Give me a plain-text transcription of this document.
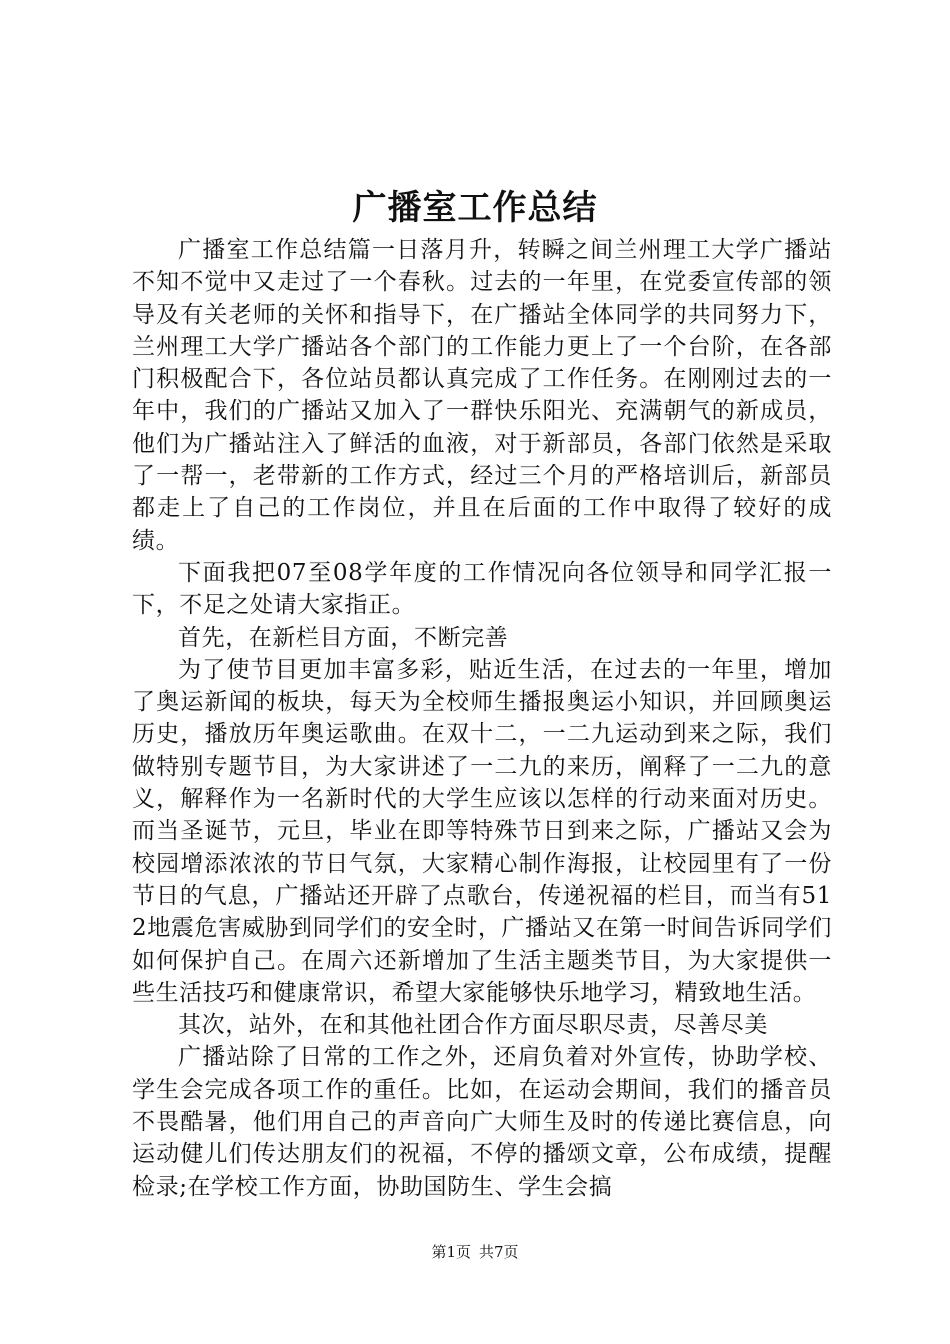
广播室工作总结

广播室工作总结篇一日落月升，转瞬之间兰州理工大学广播站不知不觉中又走过了一个春秋。过去的一年里，在党委宣传部的领导及有关老师的关怀和指导下，在广播站全体同学的共同努力下，兰州理工大学广播站各个部门的工作能力更上了一个台阶，在各部门积极配合下，各位站员都认真完成了工作任务。在刚刚过去的一年中，我们的广播站又加入了一群快乐阳光、充满朝气的新成员，他们为广播站注入了鲜活的血液，对于新部员，各部门依然是采取了一帮一，老带新的工作方式，经过三个月的严格培训后，新部员都走上了自己的工作岗位，并且在后面的工作中取得了较好的成绩。

下面我把07至08学年度的工作情况向各位领导和同学汇报一下，不足之处请大家指正。

首先，在新栏目方面，不断完善

为了使节目更加丰富多彩，贴近生活，在过去的一年里，增加了奥运新闻的板块，每天为全校师生播报奥运小知识，并回顾奥运历史，播放历年奥运歌曲。在双十二，一二九运动到来之际，我们做特别专题节目，为大家讲述了一二九的来历，阐释了一二九的意义，解释作为一名新时代的大学生应该以怎样的行动来面对历史。而当圣诞节，元旦，毕业在即等特殊节日到来之际，广播站又会为校园增添浓浓的节日气氛，大家精心制作海报，让校园里有了一份节日的气息，广播站还开辟了点歌台，传递祝福的栏目，而当有512地震危害威胁到同学们的安全时，广播站又在第一时间告诉同学们如何保护自己。在周六还新增加了生活主题类节目，为大家提供一些生活技巧和健康常识，希望大家能够快乐地学习，精致地生活。

其次，站外，在和其他社团合作方面尽职尽责，尽善尽美

广播站除了日常的工作之外，还肩负着对外宣传，协助学校、学生会完成各项工作的重任。比如，在运动会期间，我们的播音员不畏酷暑，他们用自己的声音向广大师生及时的传递比赛信息，向运动健儿们传达朋友们的祝福，不停的播颂文章，公布成绩，提醒检录;在学校工作方面，协助国防生、学生会搞

第1页 共7页
